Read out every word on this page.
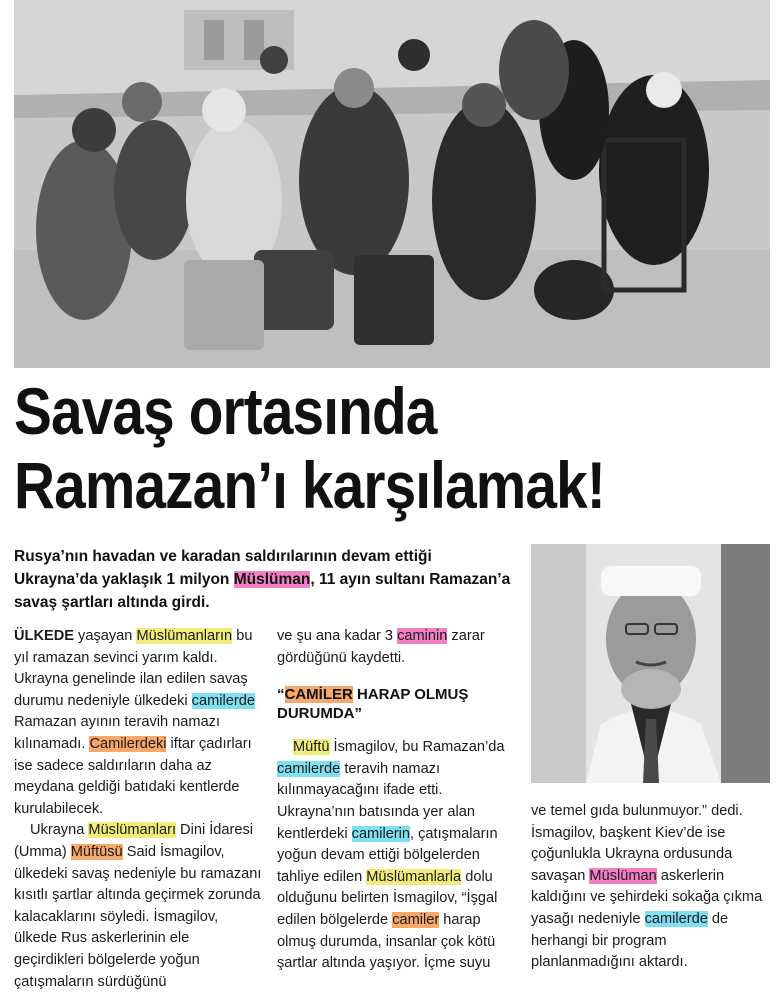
Savaş ortasında
Ramazan’ı karşılamak!
Rusya’nın havadan ve karadan saldırılarının devam ettiği Ukrayna’da yaklaşık 1 milyon Müslüman, 11 ayın sultanı Ramazan’a savaş şartları altında girdi.

ÜLKEDE yaşayan Müslümanların bu yıl ramazan sevinci yarım kaldı. Ukrayna genelinde ilan edilen savaş durumu nedeniyle ülkedeki camilerde Ramazan ayının teravih namazı kılınamadı. Camilerdeki iftar çadırları ise sadece saldırıların daha az meydana geldiği batıdaki kentlerde kurulabilecek.

Ukrayna Müslümanları Dini İdaresi (Umma) Müftüsü Said İsmagilov, ülkedeki savaş nedeniyle bu ramazanı kısıtlı şartlar altında geçirmek zorunda kalacaklarını söyledi. İsmagilov, ülkede Rus askerlerinin ele geçirdikleri bölgelerde yoğun çatışmaların sürdüğünü

ve şu ana kadar 3 caminin zarar gördüğünü kaydetti.

“CAMİLER HARAP OLMUŞ DURUMDA”

Müftü İsmagilov, bu Ramazan’da camilerde teravih namazı kılınmayacağını ifade etti. Ukrayna’nın batısında yer alan kentlerdeki camilerin, çatışmaların yoğun devam ettiği bölgelerden tahliye edilen Müslümanlarla dolu olduğunu belirten İsmagilov, “İşgal edilen bölgelerde camiler harap olmuş durumda, insanlar çok kötü şartlar altında yaşıyor. İçme suyu

ve temel gıda bulunmuyor.” dedi. İsmagilov, başkent Kiev’de ise çoğunlukla Ukrayna ordusunda savaşan Müslüman askerlerin kaldığını ve şehirdeki sokağa çıkma yasağı nedeniyle camilerde de herhangi bir program planlanmadığını aktardı.
